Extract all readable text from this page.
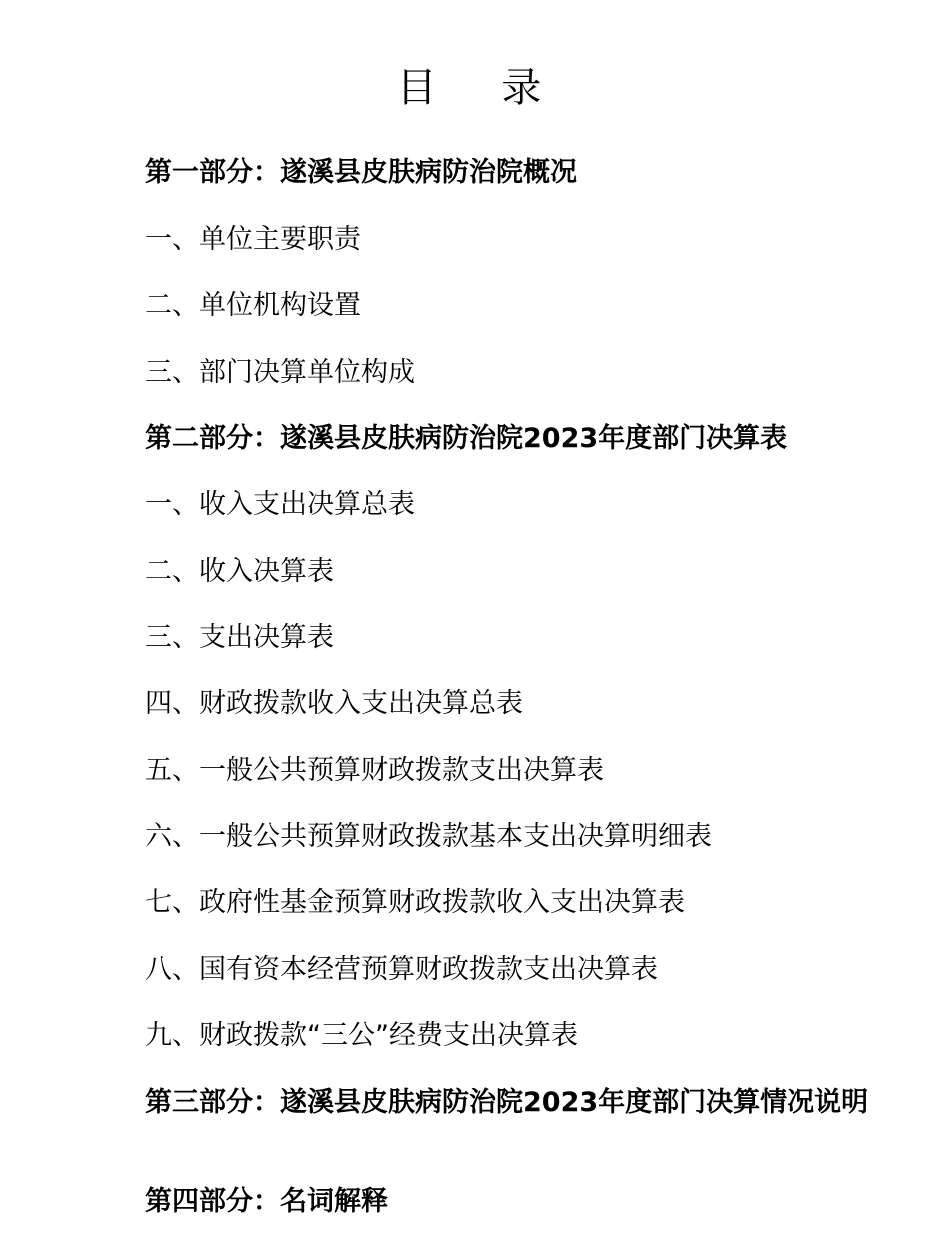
目 录
第一部分：遂溪县皮肤病防治院概况
一、单位主要职责
二、单位机构设置
三、部门决算单位构成
第二部分：遂溪县皮肤病防治院2023年度部门决算表
一、收入支出决算总表
二、收入决算表
三、支出决算表
四、财政拨款收入支出决算总表
五、一般公共预算财政拨款支出决算表
六、一般公共预算财政拨款基本支出决算明细表
七、政府性基金预算财政拨款收入支出决算表
八、国有资本经营预算财政拨款支出决算表
九、财政拨款“三公”经费支出决算表
第三部分：遂溪县皮肤病防治院2023年度部门决算情况说明
第四部分：名词解释
